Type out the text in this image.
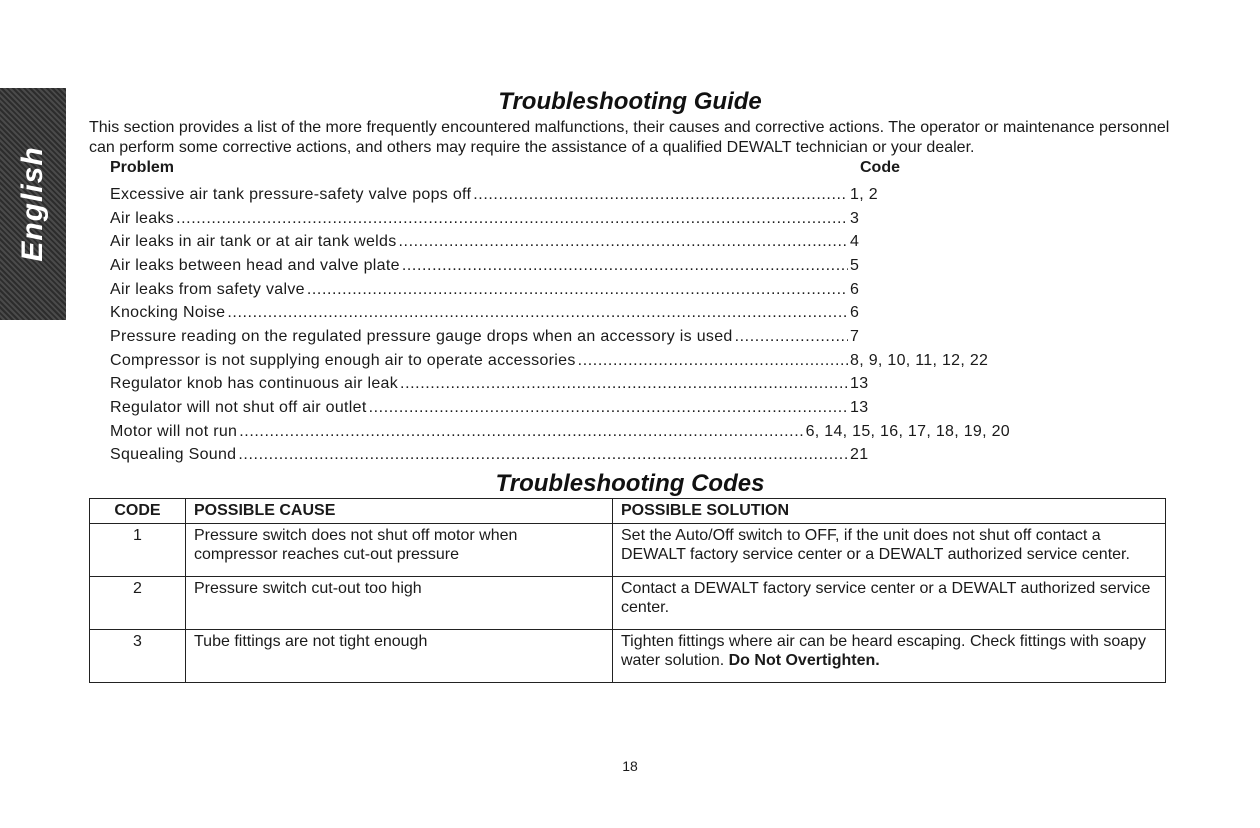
English
Troubleshooting Guide

This section provides a list of the more frequently encountered malfunctions, their causes and corrective actions. The operator or maintenance personnel can perform some corrective actions, and others may require the assistance of a qualified DEWALT technician or your dealer.

Problem	Code
Excessive air tank pressure-safety valve pops off .....	1, 2
Air leaks .....	3
Air leaks in air tank or at air tank welds .....	4
Air leaks between head and valve plate .....	5
Air leaks from safety valve .....	6
Knocking Noise .....	6
Pressure reading on the regulated pressure gauge drops when an accessory is used .....	7
Compressor is not supplying enough air to operate accessories .....	8, 9, 10, 11, 12, 22
Regulator knob has continuous air leak .....	13
Regulator will not shut off air outlet .....	13
Motor will not run .....	6, 14, 15, 16, 17, 18, 19, 20
Squealing Sound .....	21
Troubleshooting Codes
CODE	POSSIBLE CAUSE	POSSIBLE SOLUTION
1	Pressure switch does not shut off motor when compressor reaches cut-out pressure	Set the Auto/Off switch to OFF, if the unit does not shut off contact a DEWALT factory service center or a DEWALT authorized service center.
2	Pressure switch cut-out too high	Contact a DEWALT factory service center or a DEWALT authorized service center.
3	Tube fittings are not tight enough	Tighten fittings where air can be heard escaping. Check fittings with soapy water solution. Do Not Overtighten.
18
